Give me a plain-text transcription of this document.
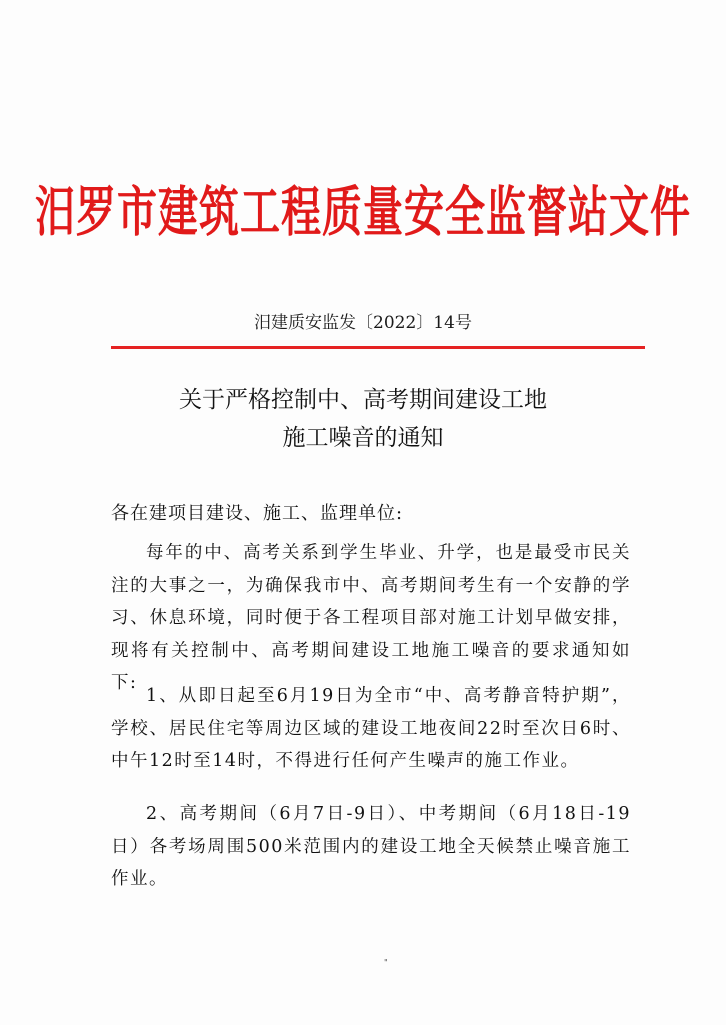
汨罗市建筑工程质量安全监督站文件
汨建质安监发〔2022〕14号
关于严格控制中、高考期间建设工地
施工噪音的通知
各在建项目建设、施工、监理单位:
每年的中、高考关系到学生毕业、升学，也是最受市民关注的大事之一，为确保我市中、高考期间考生有一个安静的学习、休息环境，同时便于各工程项目部对施工计划早做安排，现将有关控制中、高考期间建设工地施工噪音的要求通知如下:
1、从即日起至6月19日为全市“中、高考静音特护期”，学校、居民住宅等周边区域的建设工地夜间22时至次日6时、中午12时至14时，不得进行任何产生噪声的施工作业。
2、高考期间（6月7日-9日）、中考期间（6月18日-19日）各考场周围500米范围内的建设工地全天候禁止噪音施工作业。
"
